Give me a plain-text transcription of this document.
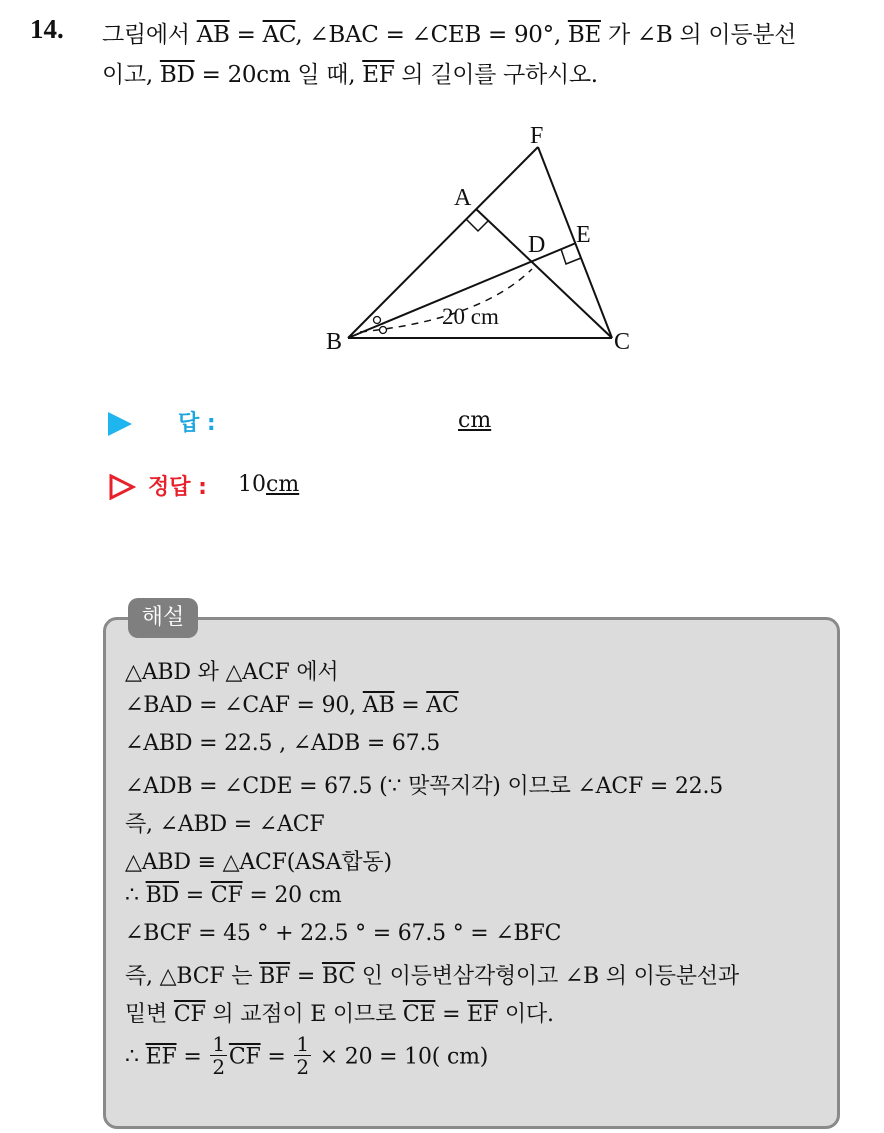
14. 그림에서 $\overline{AB} = \overline{AC}$, ∠BAC = ∠CEB = 90°, $\overline{BE}$ 가 ∠B 의 이등분선
이고, $\overline{BD} = 20cm$ 일 때, $\overline{EF}$ 의 길이를 구하시오.
F
A
D E
B	C
20 cm
답 :	cm
정답 : 10cm
해설
△ABD 와 △ACF 에서
∠BAD = ∠CAF = 90, $\overline{AB} = \overline{AC}$
∠ABD = 22.5 , ∠ADB = 67.5
∠ADB = ∠CDE = 67.5 (∵ 맞꼭지각) 이므로 ∠ACF = 22.5
즉, ∠ABD = ∠ACF
△ABD ≡ △ACF(ASA합동)
∴ $\overline{BD} = \overline{CF} = 20$ cm
∠BCF = 45 ° + 22.5 ° = 67.5 ° = ∠BFC
즉, △BCF 는 $\overline{BF} = \overline{BC}$ 인 이등변삼각형이고 ∠B 의 이등분선과
밑변 $\overline{CF}$ 의 교점이 E 이므로 $\overline{CE} = \overline{EF}$ 이다.
∴ $\overline{EF} = \frac{1}{2} \overline{CF} = \frac{1}{2} \times 20 = 10$( cm)
